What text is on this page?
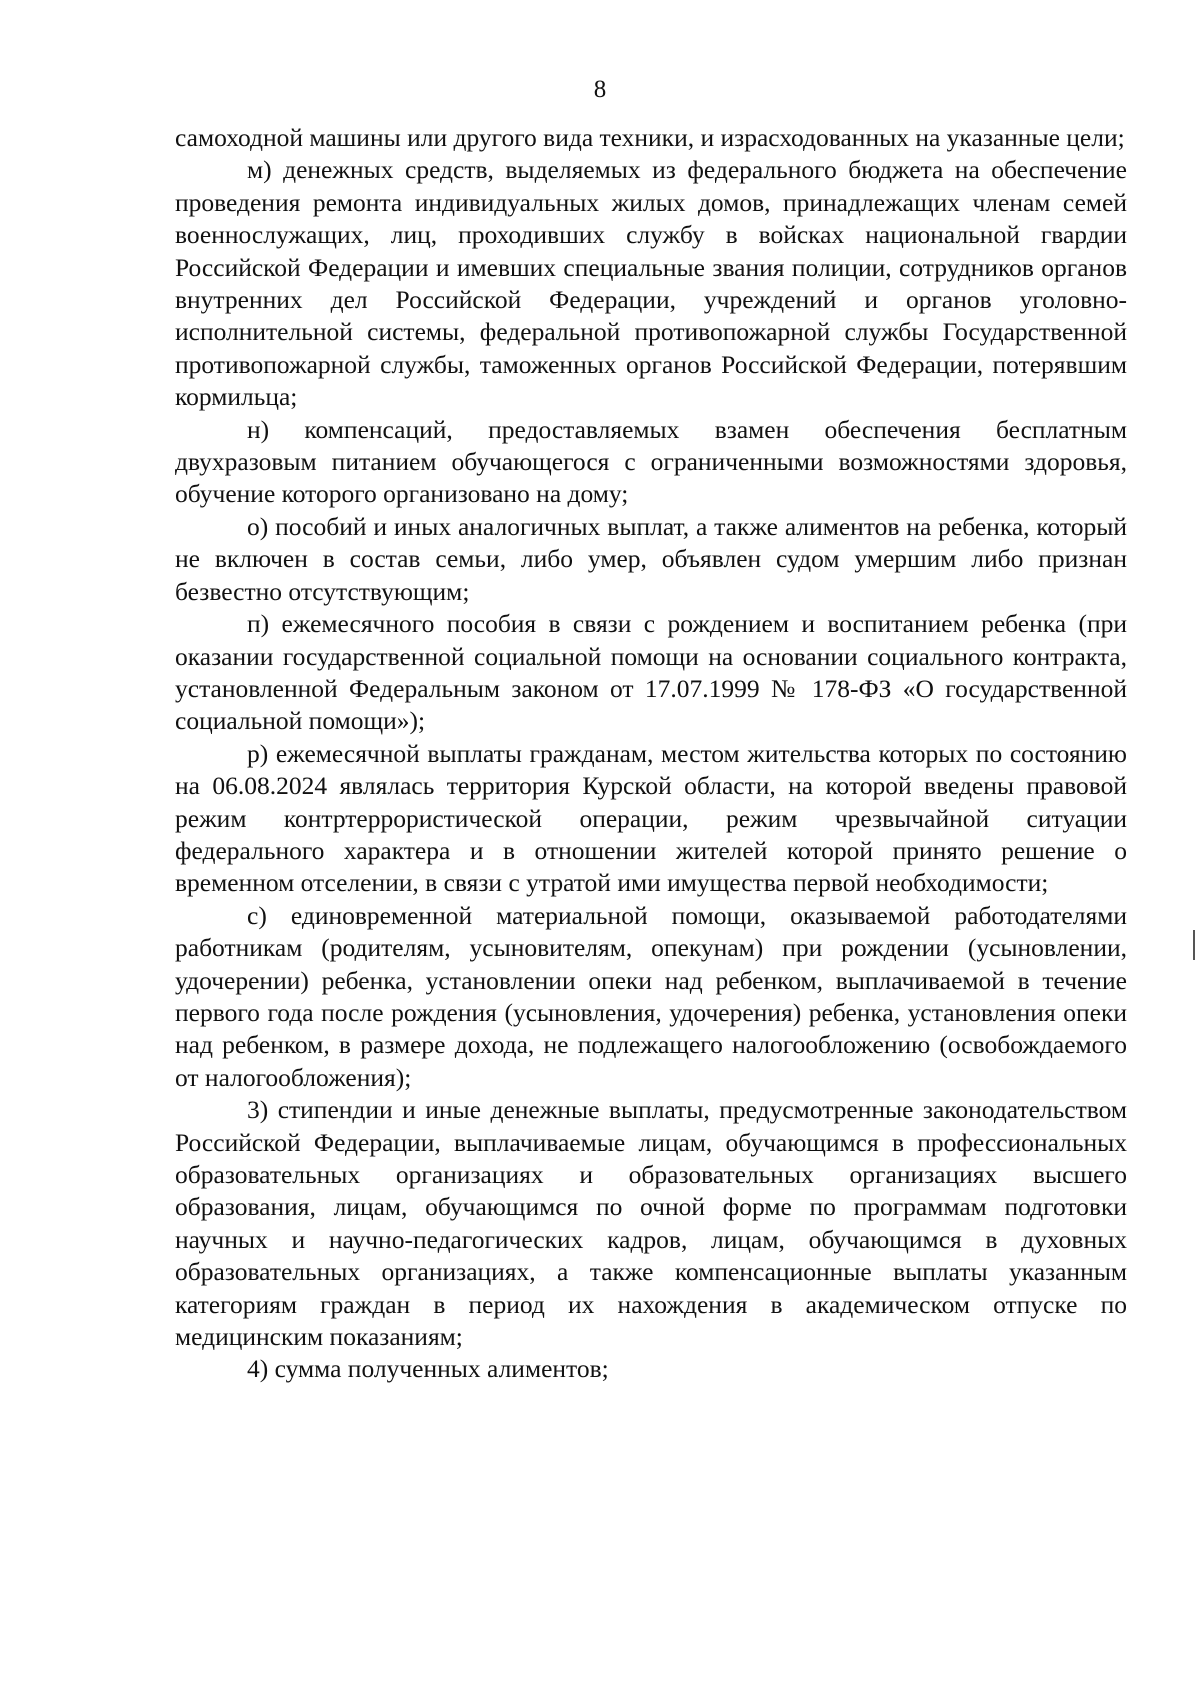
8

самоходной машины или другого вида техники, и израсходованных на указанные цели;

м) денежных средств, выделяемых из федерального бюджета на обеспечение проведения ремонта индивидуальных жилых домов, принадлежащих членам семей военнослужащих, лиц, проходивших службу в войсках национальной гвардии Российской Федерации и имевших специальные звания полиции, сотрудников органов внутренних дел Российской Федерации, учреждений и органов уголовно-исполнительной системы, федеральной противопожарной службы Государственной противопожарной службы, таможенных органов Российской Федерации, потерявшим кормильца;

н) компенсаций, предоставляемых взамен обеспечения бесплатным двухразовым питанием обучающегося с ограниченными возможностями здоровья, обучение которого организовано на дому;

о) пособий и иных аналогичных выплат, а также алиментов на ребенка, который не включен в состав семьи, либо умер, объявлен судом умершим либо признан безвестно отсутствующим;

п) ежемесячного пособия в связи с рождением и воспитанием ребенка (при оказании государственной социальной помощи на основании социального контракта, установленной Федеральным законом от 17.07.1999 № 178-ФЗ «О государственной социальной помощи»);

р) ежемесячной выплаты гражданам, местом жительства которых по состоянию на 06.08.2024 являлась территория Курской области, на которой введены правовой режим контртеррористической операции, режим чрезвычайной ситуации федерального характера и в отношении жителей которой принято решение о временном отселении, в связи с утратой ими имущества первой необходимости;

с) единовременной материальной помощи, оказываемой работодателями работникам (родителям, усыновителям, опекунам) при рождении (усыновлении, удочерении) ребенка, установлении опеки над ребенком, выплачиваемой в течение первого года после рождения (усыновления, удочерения) ребенка, установления опеки над ребенком, в размере дохода, не подлежащего налогообложению (освобождаемого от налогообложения);

3) стипендии и иные денежные выплаты, предусмотренные законодательством Российской Федерации, выплачиваемые лицам, обучающимся в профессиональных образовательных организациях и образовательных организациях высшего образования, лицам, обучающимся по очной форме по программам подготовки научных и научно-педагогических кадров, лицам, обучающимся в духовных образовательных организациях, а также компенсационные выплаты указанным категориям граждан в период их нахождения в академическом отпуске по медицинским показаниям;

4) сумма полученных алиментов;
